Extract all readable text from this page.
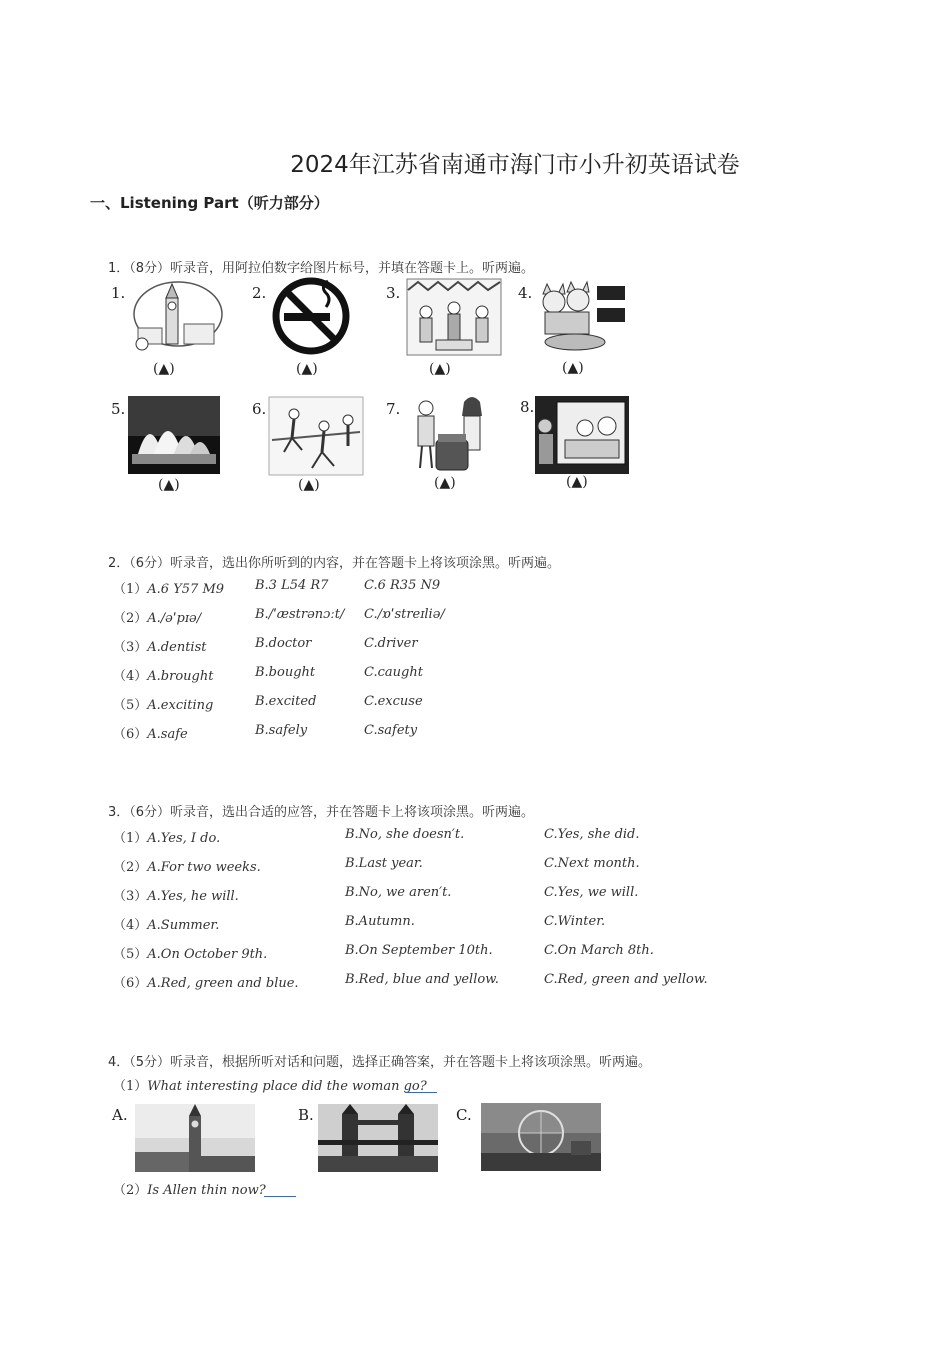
2024年江苏省南通市海门市小升初英语试卷
一、Listening Part（听力部分）
1．（8分）听录音，用阿拉伯数字给图片标号，并填在答题卡上。听两遍。
1.
(▲)
2.
(▲)
3.
(▲)
4.
(▲)
5.
(▲)
6.
(▲)
7.
(▲)
8.
(▲)
2．（6分）听录音，选出你所听到的内容，并在答题卡上将该项涂黑。听两遍。
（1）A.6 Y57 M9 B.3 L54 R7	C.6 R35 N9
（2）A./əˈpɪə/	B./ˈæstrənɔːt/ C./ɒˈstreɪliə/
（3）A.dentist	B.doctor	C.driver
（4）A.brought	B.bought	C.caught
（5）A.exciting	B.excited	C.excuse
（6）A.safe	B.safely	C.safety
3．（6分）听录音，选出合适的应答，并在答题卡上将该项涂黑。听两遍。
（1）A.Yes, I do.	B.No, she doesn′t.	C.Yes, she did.
（2）A.For two weeks.	B.Last year.	C.Next month.
（3）A.Yes, he will.	B.No, we aren′t.	C.Yes, we will.
（4）A.Summer.	B.Autumn.	C.Winter.
（5）A.On October 9th.	B.On September 10th.	C.On March 8th.
（6）A.Red, green and blue.	B.Red, blue and yellow.	C.Red, green and yellow.
4．（5分）听录音，根据所听对话和问题，选择正确答案，并在答题卡上将该项涂黑。听两遍。
（1）What interesting place did the woman go?
A.	B.	C.
（2）Is Allen thin now?
